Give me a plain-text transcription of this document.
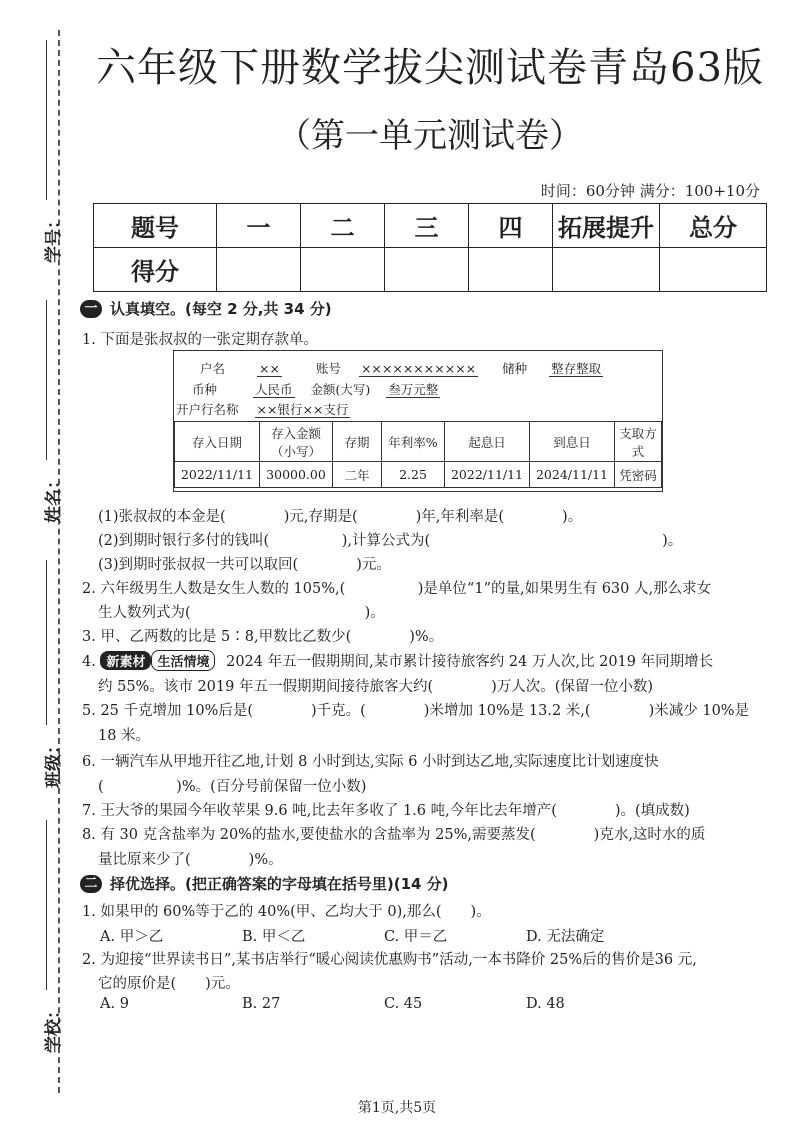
学号：
姓名：
班级：
学校：
六年级下册数学拔尖测试卷青岛63版
（第一单元测试卷）
时间：60分钟 满分：100+10分
题号	一	二	三	四	拓展提升	总分
得分						
一 认真填空。(每空 2 分,共 34 分)
1. 下面是张叔叔的一张定期存款单。
户名	××	账号 ××××××××××× 储种 整存整取
币种	人民币 金额(大写) 叁万元整
开户行名称 ××银行××支行
存入日期	存入金额（小写）	存期	年利率%	起息日	到息日	支取方式
2022/11/11	30000.00	二年	2.25	2022/11/11	2024/11/11	凭密码
(1)张叔叔的本金是(　　　　)元,存期是(　　　　)年,年利率是(　　　　)。
(2)到期时银行多付的钱叫(　　　　　),计算公式为(　　　　　　　　　　　　　　　　)。
(3)到期时张叔叔一共可以取回(　　　　)元。
2. 六年级男生人数是女生人数的 105%,(　　　　　)是单位“1”的量,如果男生有 630 人,那么求女
生人数列式为(　　　　　　　　　　　　)。
3. 甲、乙两数的比是 5∶8,甲数比乙数少(　　　　)%。
4. 新素材 生活情境 2024 年五一假期期间,某市累计接待旅客约 24 万人次,比 2019 年同期增长
约 55%。该市 2019 年五一假期期间接待旅客大约(　　　　)万人次。(保留一位小数)
5. 25 千克增加 10%后是(　　　　)千克。(　　　　)米增加 10%是 13.2 米,(　　　　)米减少 10%是
18 米。
6. 一辆汽车从甲地开往乙地,计划 8 小时到达,实际 6 小时到达乙地,实际速度比计划速度快
(　　　　　)%。(百分号前保留一位小数)
7. 王大爷的果园今年收苹果 9.6 吨,比去年多收了 1.6 吨,今年比去年增产(　　　　)。(填成数)
8. 有 30 克含盐率为 20%的盐水,要使盐水的含盐率为 25%,需要蒸发(　　　　)克水,这时水的质
量比原来少了(　　　　)%。
二 择优选择。(把正确答案的字母填在括号里)(14 分)
1. 如果甲的 60%等于乙的 40%(甲、乙均大于 0),那么(　　)。
A. 甲＞乙	B. 甲＜乙	C. 甲＝乙	D. 无法确定
2. 为迎接“世界读书日”,某书店举行“暖心阅读优惠购书”活动,一本书降价 25%后的售价是36 元,
它的原价是(　　)元。
A. 9	B. 27	C. 45	D. 48
第1页,共5页
